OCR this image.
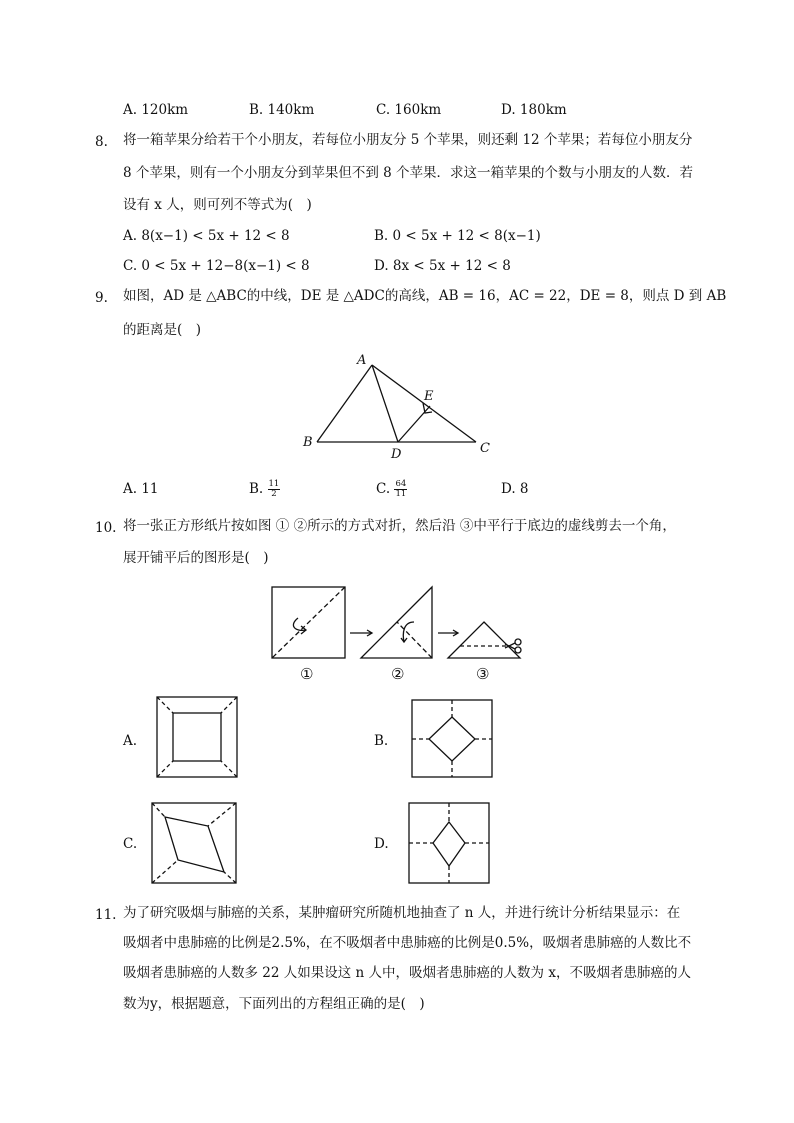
A. 120km	B. 140km	C. 160km	D. 180km
8. 将一箱苹果分给若干个小朋友，若每位小朋友分 5 个苹果，则还剩 12 个苹果；若每位小朋友分
8 个苹果，则有一个小朋友分到苹果但不到 8 个苹果．求这一箱苹果的个数与小朋友的人数．若
设有 x 人，则可列不等式为(　)
A. 8(x−1) < 5x + 12 < 8	B. 0 < 5x + 12 < 8(x−1)
C. 0 < 5x + 12−8(x−1) < 8	D. 8x < 5x + 12 < 8
9. 如图，AD 是 △ABC的中线，DE 是 △ADC的高线，AB = 16，AC = 22，DE = 8，则点 D 到 AB
的距离是(　)
A
B	C
D
E
A. 11	B. $\frac{11}{2}$	C. $\frac{64}{11}$	D. 8
10. 将一张正方形纸片按如图 ① ②所示的方式对折，然后沿 ③中平行于底边的虚线剪去一个角，
展开铺平后的图形是(　)
①	②	③
A.	B.
C.	D.
11. 为了研究吸烟与肺癌的关系，某肿瘤研究所随机地抽查了 n 人，并进行统计分析结果显示：在
吸烟者中患肺癌的比例是2.5%，在不吸烟者中患肺癌的比例是0.5%，吸烟者患肺癌的人数比不
吸烟者患肺癌的人数多 22 人如果设这 n 人中，吸烟者患肺癌的人数为 x，不吸烟者患肺癌的人
数为y，根据题意，下面列出的方程组正确的是(　)
